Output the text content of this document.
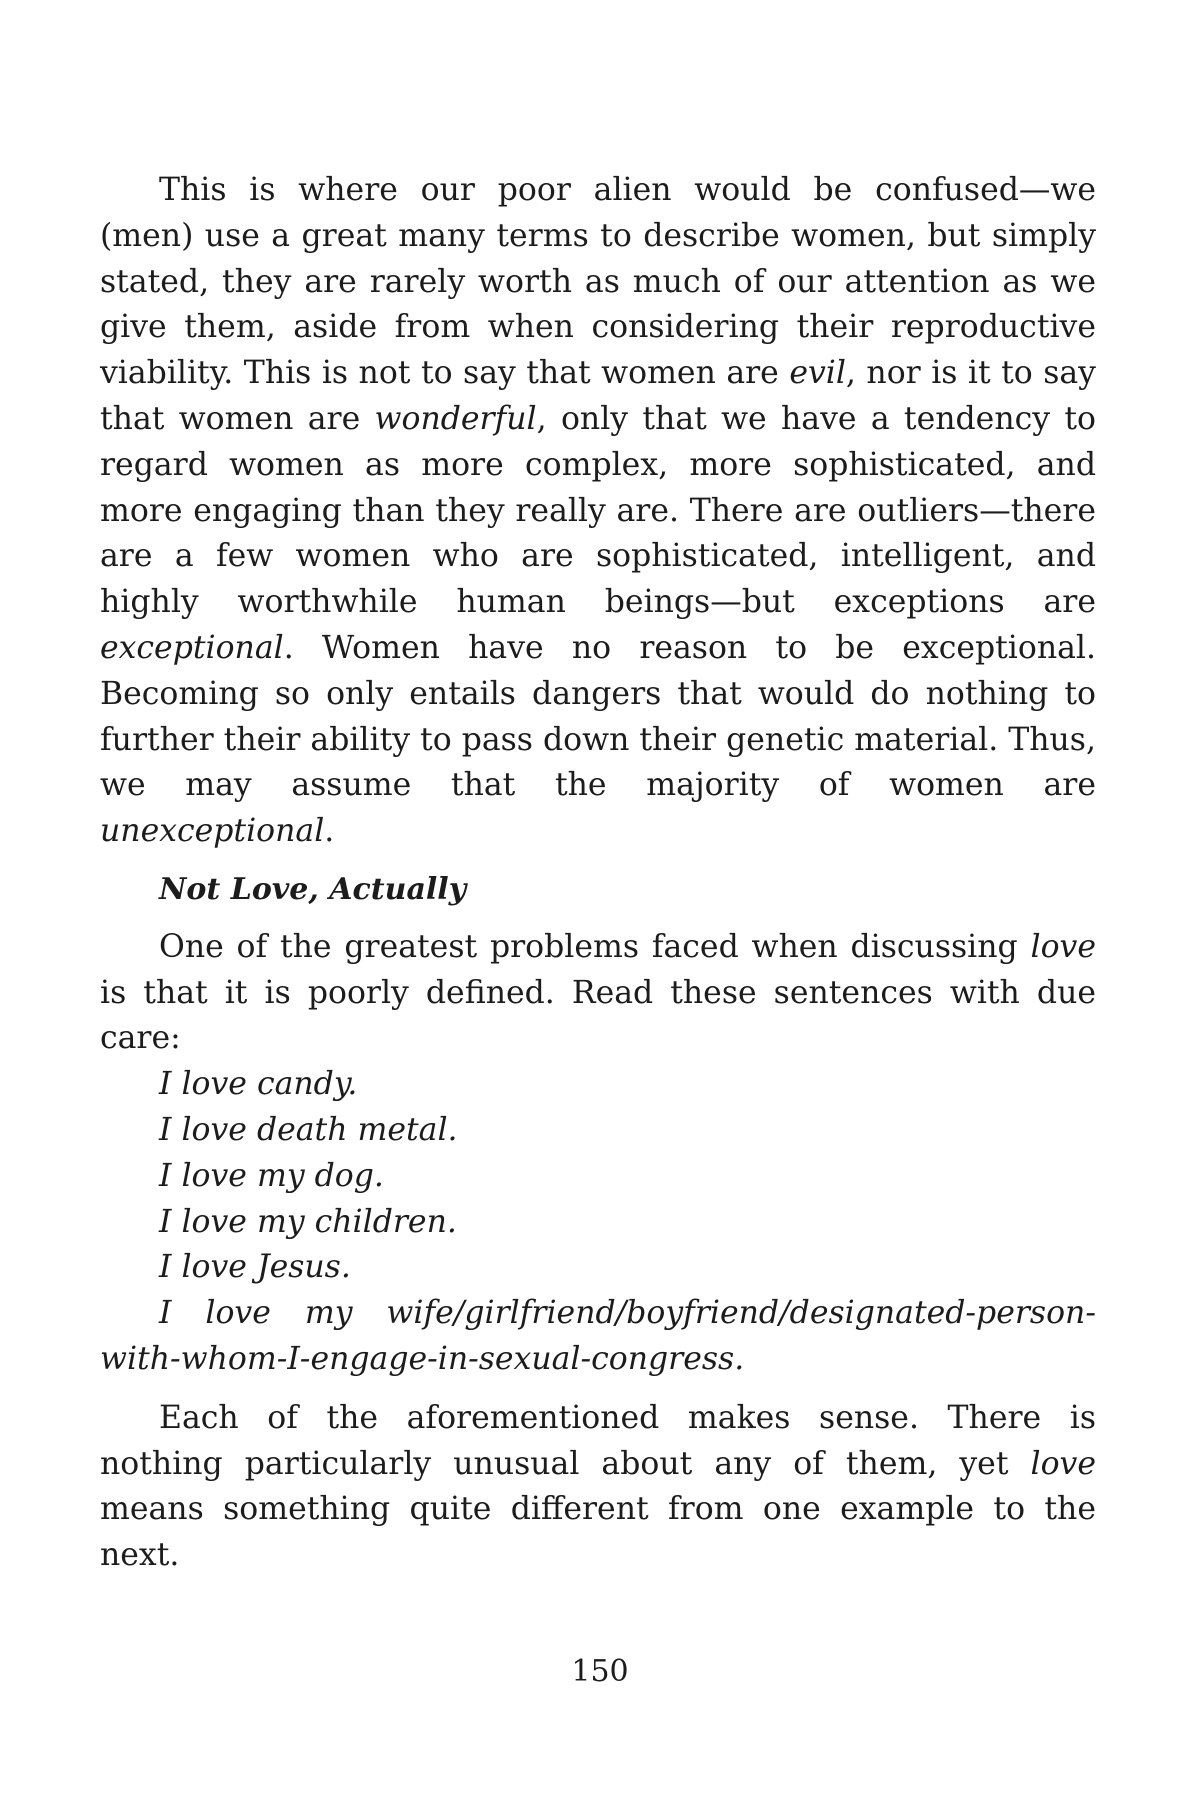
This is where our poor alien would be confused—we (men) use a great many terms to describe women, but simply stated, they are rarely worth as much of our attention as we give them, aside from when considering their reproductive viability. This is not to say that women are evil, nor is it to say that women are wonderful, only that we have a tendency to regard women as more complex, more sophisticated, and more engaging than they really are. There are outliers—there are a few women who are sophisticated, intelligent, and highly worthwhile human beings—but exceptions are exceptional. Women have no reason to be exceptional. Becoming so only entails dangers that would do nothing to further their ability to pass down their genetic material. Thus, we may assume that the majority of women are unexceptional.

Not Love, Actually

One of the greatest problems faced when discussing love is that it is poorly defined. Read these sentences with due care:

I love candy.

I love death metal.

I love my dog.

I love my children.

I love Jesus.

I love my wife/girlfriend/boyfriend/designated-person-with-whom-I-engage-in-sexual-congress.

Each of the aforementioned makes sense. There is nothing particularly unusual about any of them, yet love means something quite different from one example to the next.

150
